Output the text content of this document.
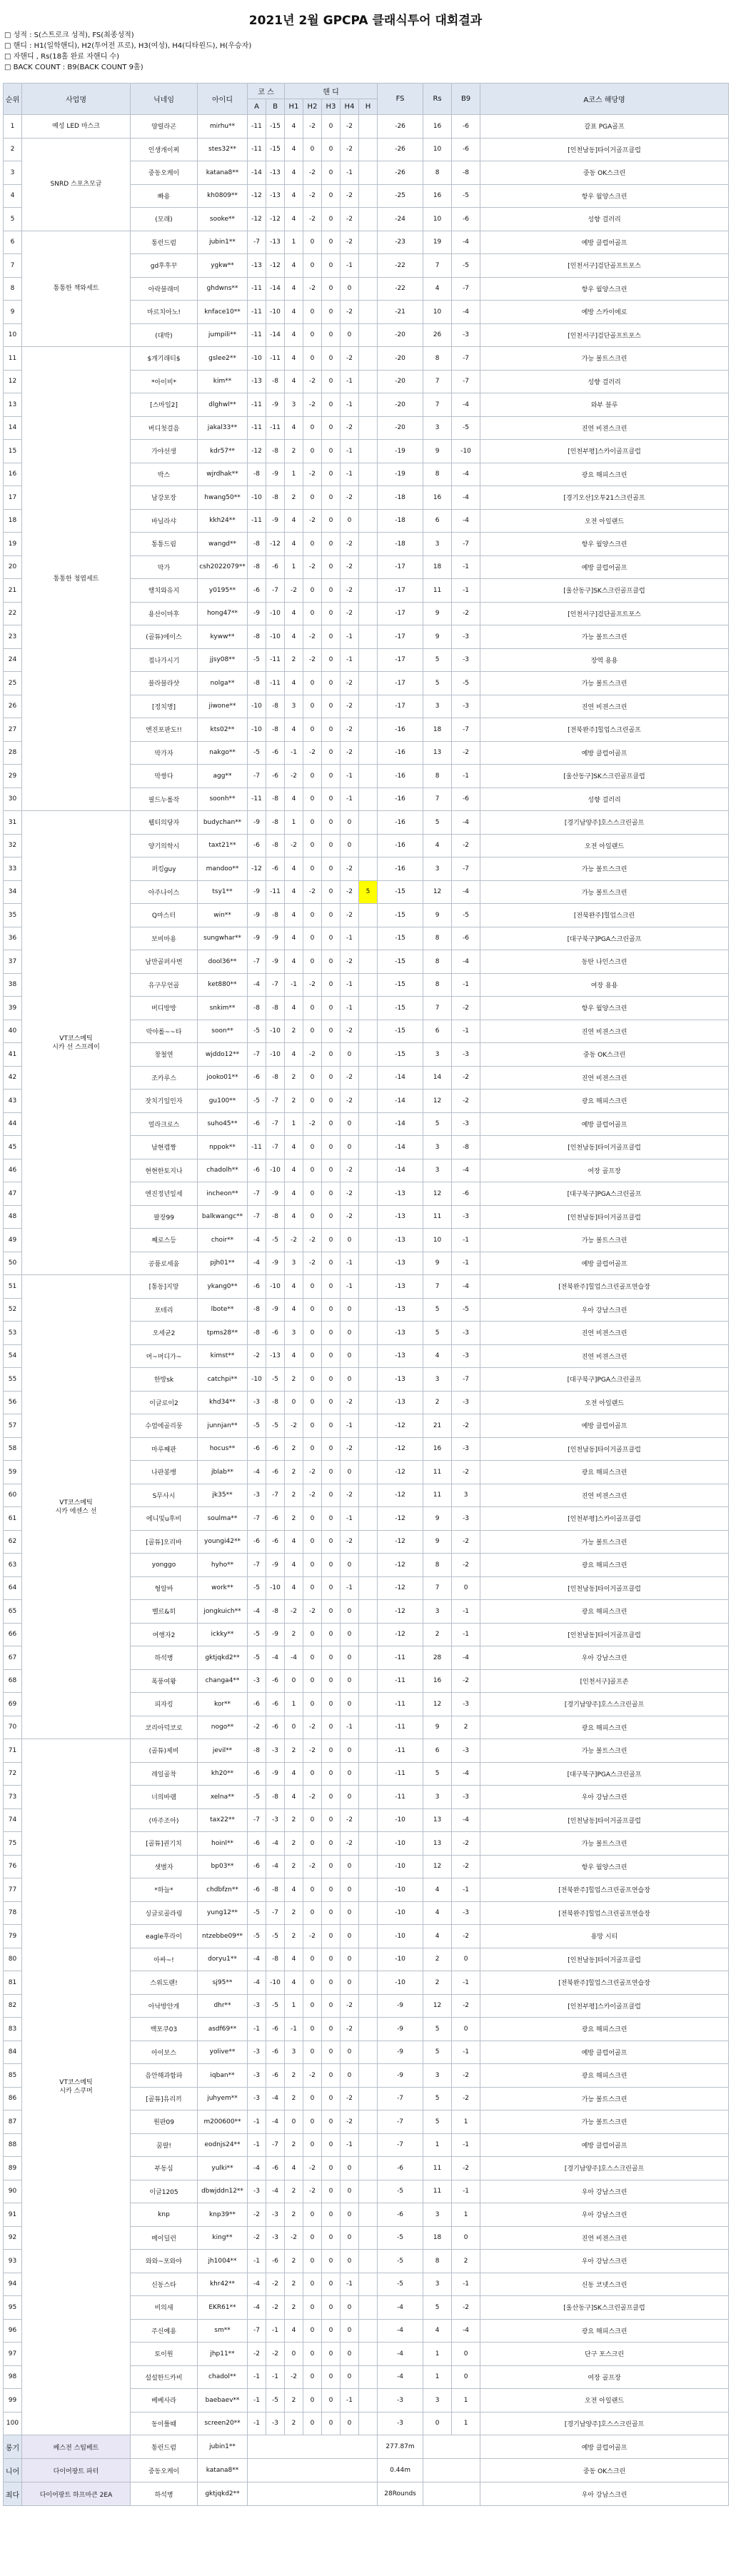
2021년 2월 GPCPA 클래식투어 대회결과
□ 성적 : S(스트로크 성적), FS(최종성적)
□ 핸디 : H1(일학핸디), H2(투어전 프로), H3(여성), H4(디타윈드), H(우승자)
□ 자핸디 , Rs(18홀 완료 자핸디 수)
□ BACK COUNT : B9(BACK COUNT 9홀)
순위	사업명	닉네임	아이디	코 스		핸 디					FS	Rs	B9	A코스 해당명
				A	B	H1	H2	H3	H4	H				
1	예성 LED 마스크	양릴라곤	mirhu**	-11	-15	4	-2	0	-2		-26	16	-6	갈표 PGA골프
2	SNRD 스포츠모글	인생개이찌	stes32**	-11	-15	4	0	0	-2		-26	10	-6	[인천남동]타이거골프클럽
3		중동오케이	katana8**	-14	-13	4	-2	0	-1		-26	8	-8	중동 OK스크린
4		빠용	kh0809**	-12	-13	4	-2	0	-2		-25	16	-5	항우 월양스크린
5		(모래)	sooke**	-12	-12	4	-2	0	-2		-24	10	-6	성향 걸러리
6	통통한 책와세트	통런드럼	jubin1**	-7	-13	1	0	0	-2		-23	19	-4	예방 클럽어골프
7		gd후후꾸	ygkw**	-13	-12	4	0	0	-1		-22	7	-5	[인천서구]검단골프트포스
8		아락블래미	ghdwns**	-11	-14	4	-2	0	0		-22	4	-7	항우 월양스크린
9		마르치아노!	knface10**	-11	-10	4	0	0	-2		-21	10	-4	예방 스카이에로
10		(대박)	jumpili**	-11	-14	4	0	0	0		-20	26	-3	[인천서구]검단골프트포스
11	통통한 청엽세트	$개기래티$	gslee2**	-10	-11	4	0	0	-2		-20	8	-7	가능 볼트스크린
12		*아이비*	kim**	-13	-8	4	-2	0	-1		-20	7	-7	성향 걸러리
13		[스마일2]	dlghwl**	-11	-9	3	-2	0	-1		-20	7	-4	와부 블루
14		버디첫걸음	jakal33**	-11	-11	4	0	0	-2		-20	3	-5	진연 비젼스크린
15		가야선생	kdr57**	-12	-8	2	0	0	-1		-19	9	-10	[인천부평]스카이골프클럽
16		박스	wjrdhak**	-8	-9	1	-2	0	-1		-19	8	-4	광요 해피스크린
17		남강포장	hwang50**	-10	-8	2	0	0	-2		-18	16	-4	[경기오산]오투21스크린골프
18		바닐라샤	kkh24**	-11	-9	4	-2	0	0		-18	6	-4	오전 아일랜드
19		통통드림	wangd**	-8	-12	4	0	0	-2		-18	3	-7	항우 월양스크린
20		막가	csh2022079**	-8	-6	1	-2	0	-2		-17	18	-1	예방 클럽어골프
21		행치와유지	y0195**	-6	-7	-2	0	0	-2		-17	11	-1	[울산동구]SK스크린골프클럽
22		용산이마후	hong47**	-9	-10	4	0	0	-2		-17	9	-2	[인천서구]검단골프트포스
23		(골튜)에이스	kyww**	-8	-10	4	-2	0	-1		-17	9	-3	가능 볼트스크린
24		접나가시기	jjsy08**	-5	-11	2	-2	0	-1		-17	5	-3	장역 용용
25		블라블라샷	nolga**	-8	-11	4	0	0	-2		-17	5	-5	가능 볼트스크린
26		[정치명]	jiwone**	-10	-8	3	0	0	-2		-17	3	-3	진연 비젼스크린
27		엔진포판도!!	kts02**	-10	-8	4	0	0	-2		-16	18	-7	[전북완주]힐업스크린골프
28		막가자	nakgo**	-5	-6	-1	-2	0	-2		-16	13	-2	예방 클럽어골프
29		막쌍다	agg**	-7	-6	-2	0	0	-1		-16	8	-1	[울산동구]SK스크린골프클럽
30		필드누롤작	soonh**	-11	-8	4	0	0	-1		-16	7	-6	성향 걸러리
31	VT코스메틱
시카 선 스프레이	웹티의당자	budychan**	-9	-8	1	0	0	0		-16	5	-4	[경기남양주]호스스크린골프
32		양기의학시	taxt21**	-6	-8	-2	0	0	0		-16	4	-2	오전 아일랜드
33		퍼킹guy	mandoo**	-12	-6	4	0	0	-2		-16	3	-7	가능 볼트스크린
34		아주나이스	tsy1**	-9	-11	4	-2	0	-2	5	-15	12	-4	가능 볼트스크린
35		Q마스터	win**	-9	-8	4	0	0	-2		-15	9	-5	[전북완주]힐업스크린
36		보비마용	sungwhar**	-9	-9	4	0	0	-1		-15	8	-6	[대구북구]PGA스크린골프
37		남만골퍼사번	dool36**	-7	-9	4	0	0	-2		-15	8	-4	동탄 나인스크린
38		유구무언골	ket880**	-4	-7	-1	-2	0	-1		-15	8	-1	여장 용용
39		버디방방	snkim**	-8	-8	4	0	0	-1		-15	7	-2	항우 월양스크린
40		막야롤~~타	soon**	-5	-10	2	0	0	-2		-15	6	-1	진연 비젼스크린
41		창철연	wjddo12**	-7	-10	4	-2	0	0		-15	3	-3	중동 OK스크린
42		조카루스	jooko01**	-6	-8	2	0	0	-2		-14	14	-2	진연 비젼스크린
43		잣치기일인자	gu100**	-5	-7	2	0	0	-2		-14	12	-2	광요 해피스크린
44		얼라크로스	suho45**	-6	-7	1	-2	0	0		-14	5	-3	예방 클럽어골프
45		남현캡짱	nppok**	-11	-7	4	0	0	0		-14	3	-8	[인천남동]타이거골프클럽
46		현현한토지나	chadolh**	-6	-10	4	0	0	-2		-14	3	-4	여장 골프장
47		엔진정년일세	incheon**	-7	-9	4	0	0	-2		-13	12	-6	[대구북구]PGA스크린골프
48		팔장99	balkwangc**	-7	-8	4	0	0	-2		-13	11	-3	[인천남동]타이거골프클럽
49		째로스등	choir**	-4	-5	-2	-2	0	0		-13	10	-1	가능 볼트스크린
50		공품로세움	pjh01**	-4	-9	3	-2	0	-1		-13	9	-1	예방 클럽어골프
51	VT코스메틱
시카 에센스 선	[통동]지망	ykang0**	-6	-10	4	0	0	-1		-13	7	-4	[전북완주]힐업스크린골프연습장
52		포테리	lbote**	-8	-9	4	0	0	0		-13	5	-5	우아 강남스크린
53		오세균2	tpms28**	-8	-6	3	0	0	0		-13	5	-3	진연 비젼스크린
54		머~머디가~	kimst**	-2	-13	4	0	0	0		-13	4	-3	진연 비젼스크린
55		한방sk	catchpi**	-10	-5	2	0	0	0		-13	3	-7	[대구북구]PGA스크린골프
56		이글로이2	khd34**	-3	-8	0	0	0	-2		-13	2	-3	오전 아일랜드
57		수엄에골리뭉	junnjan**	-5	-5	-2	0	0	-1		-12	21	-2	예방 클럽어골프
58		마루째판	hocus**	-6	-6	2	0	0	-2		-12	16	-3	[인천남동]타이거골프클럽
59		나판봉뱅	jblab**	-4	-6	2	-2	0	0		-12	11	-2	광요 해피스크린
60		S무사시	jk35**	-3	-7	2	-2	0	-2		-12	11	3	진연 비젼스크린
61		에니및u후비	soulma**	-7	-6	2	0	0	-1		-12	9	-3	[인천부평]스카이골프클럽
62		[골튜]오리바	youngi42**	-6	-6	4	0	0	-2		-12	9	-2	가능 볼트스크린
63		yonggo	hyho**	-7	-9	4	0	0	0		-12	8	-2	광요 해피스크린
64		형알바	work**	-5	-10	4	0	0	-1		-12	7	0	[인천남동]타이거골프클럽
65		벨르&히	jongkuich**	-4	-8	-2	-2	0	0		-12	3	-1	광요 해피스크린
66		여행자2	ickky**	-5	-9	2	0	0	0		-12	2	-1	[인천남동]타이거골프클럽
67		하석병	gktjqkd2**	-5	-4	-4	0	0	0		-11	28	-4	우아 강남스크린
68		폭풍여왕	changa4**	-3	-6	0	0	0	0		-11	16	-2	[인천서구]골프존
69		피자킹	kor**	-6	-6	1	0	0	0		-11	12	-3	[경기남양주]호스스크린골프
70		코리아덕코로	nogo**	-2	-6	0	-2	0	-1		-11	9	2	광요 해피스크린
71	VT코스메틱
시카 스쿠머	(골튜)제비	jevil**	-8	-3	2	-2	0	0		-11	6	-3	가능 볼트스크린
72		레일골착	kh20**	-6	-9	4	0	0	0		-11	5	-4	[대구북구]PGA스크린골프
73		너의바램	xelna**	-5	-8	4	-2	0	0		-11	3	-3	우아 강남스크린
74		(마주조아)	tax22**	-7	-3	2	0	0	-2		-10	13	-4	[인천남동]타이거골프클럽
75		[골튜]권기치	hoinl**	-6	-4	2	0	0	-2		-10	13	-2	가능 볼트스크린
76		샛별자	bp03**	-6	-4	2	-2	0	0		-10	12	-2	항우 월양스크린
77		*하늘*	chdbfzn**	-6	-8	4	0	0	0		-10	4	-1	[전북완주]힐업스크린골프연습장
78		싱글로골라링	yung12**	-5	-7	2	0	0	0		-10	4	-3	[전북완주]힐업스크린골프연습장
79		eagle후라이	ntzebbe09**	-5	-5	2	-2	0	0		-10	4	-2	용망 시티
80		아싸~!	doryu1**	-4	-8	4	0	0	0		-10	2	0	[인천남동]타이거골프클럽
81		스위도랜!	sj95**	-4	-10	4	0	0	0		-10	2	-1	[전북완주]힐업스크린골프연습장
82		아낙방안개	dhr**	-3	-5	1	0	0	-2		-9	12	-2	[인천부평]스카이골프클럽
83		백포쿠03	asdf69**	-1	-6	-1	0	0	-2		-9	5	0	광요 해피스크린
84		아이보스	yolive**	-3	-6	3	0	0	0		-9	5	-1	예방 클럽어골프
85		음안해과함파	iqban**	-3	-6	2	-2	0	0		-9	3	-2	광요 해피스크린
86		[골튜]유리끼	juhyem**	-3	-4	2	0	0	-2		-7	5	-2	가능 볼트스크린
87		원판09	m200600**	-1	-4	0	0	0	-2		-7	5	1	가능 볼트스크린
88		꿈팔!	eodnjs24**	-1	-7	2	0	0	-1		-7	1	-1	예방 클럽어골프
89		부동심	yulki**	-4	-6	4	-2	0	0		-6	11	-2	[경기남양주]호스스크린골프
90		이글1205	dbwjddn12**	-3	-4	2	-2	0	0		-5	11	-1	우아 강남스크린
91		knp	knp39**	-2	-3	2	0	0	0		-6	3	1	우아 강남스크린
92		메이딜런	king**	-2	-3	-2	0	0	0		-5	18	0	진연 비젼스크린
93		와와~포와야	jh1004**	-1	-6	2	0	0	0		-5	8	2	우아 강남스크린
94		신동스타	khr42**	-4	-2	2	0	0	-1		-5	3	-1	신동 코넷스크린
95		비의새	EKR61**	-4	-2	2	0	0	0		-4	5	-2	[울산동구]SK스크린골프클럽
96		주신예용	sm**	-7	-1	4	0	0	0		-4	4	-4	광요 해피스크린
97		토이원	jhp11**	-2	-2	0	0	0	0		-4	1	0	단구 포스크린
98		설설한드카비	chadol**	-1	-1	-2	0	0	0		-4	1	0	여장 골프장
99		베베사라	baebaev**	-1	-5	2	0	0	-1		-3	3	1	오전 아일랜드
100		동이틀때	screen20**	-1	-3	2	0	0	0		-3	0	1	[경기남양주]호스스크린골프
롱기	베스전 스팀베트	통런드럼	jubin1**								277.87m			예방 클럽어골프
니어	다이어팡트 파터	중동오케이	katana8**								0.44m			중동 OK스크린
최다	다이어팡트 하프마큰 2EA	하석병	gktjqkd2**								28Rounds			우아 강남스크린
